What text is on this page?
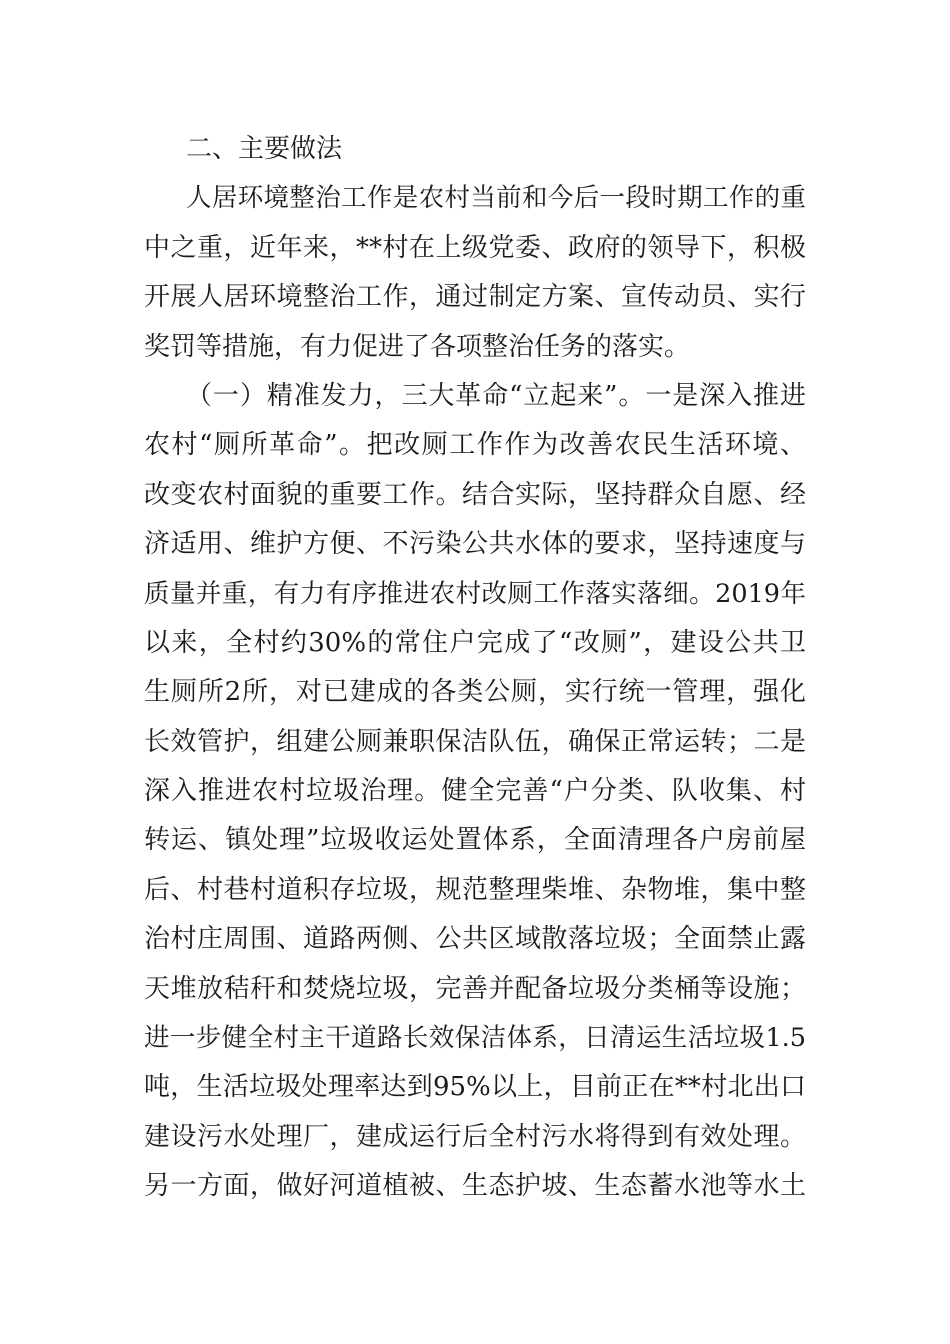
二、主要做法
人居环境整治工作是农村当前和今后一段时期工作的重
中之重，近年来，**村在上级党委、政府的领导下，积极
开展人居环境整治工作，通过制定方案、宣传动员、实行
奖罚等措施，有力促进了各项整治任务的落实。
（一）精准发力，三大革命“立起来”。一是深入推进
农村“厕所革命”。把改厕工作作为改善农民生活环境、
改变农村面貌的重要工作。结合实际，坚持群众自愿、经
济适用、维护方便、不污染公共水体的要求，坚持速度与
质量并重，有力有序推进农村改厕工作落实落细。2019年
以来，全村约30%的常住户完成了“改厕”，建设公共卫
生厕所2所，对已建成的各类公厕，实行统一管理，强化
长效管护，组建公厕兼职保洁队伍，确保正常运转；二是
深入推进农村垃圾治理。健全完善“户分类、队收集、村
转运、镇处理”垃圾收运处置体系，全面清理各户房前屋
后、村巷村道积存垃圾，规范整理柴堆、杂物堆，集中整
治村庄周围、道路两侧、公共区域散落垃圾；全面禁止露
天堆放秸秆和焚烧垃圾，完善并配备垃圾分类桶等设施；
进一步健全村主干道路长效保洁体系，日清运生活垃圾1.5
吨，生活垃圾处理率达到95%以上，目前正在**村北出口
建设污水处理厂，建成运行后全村污水将得到有效处理。
另一方面，做好河道植被、生态护坡、生态蓄水池等水土
